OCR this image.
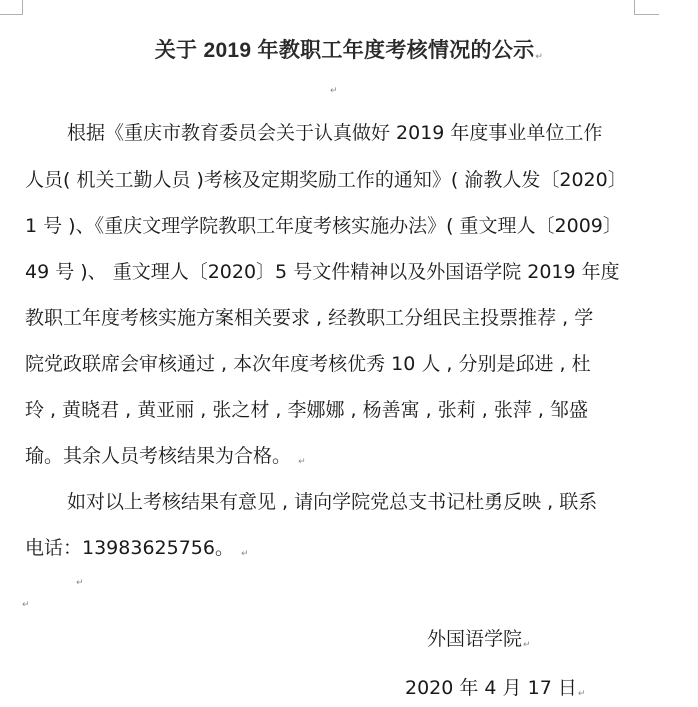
关于 2019 年教职工年度考核情况的公示↵
↵
根据《重庆市教育委员会关于认真做好 2019 年度事业单位工作
人员( 机关工勤人员 )考核及定期奖励工作的通知》( 渝教人发〔2020〕
1 号 )、《重庆文理学院教职工年度考核实施办法》( 重文理人〔2009〕
49 号 )、 重文理人〔2020〕5 号文件精神以及外国语学院 2019 年度
教职工年度考核实施方案相关要求 , 经教职工分组民主投票推荐 , 学
院党政联席会审核通过 , 本次年度考核优秀 10 人 , 分别是邱进 , 杜
玲 , 黄晓君 , 黄亚丽 , 张之材 , 李娜娜 , 杨善寓 , 张莉 , 张萍 , 邹盛
瑜。其余人员考核结果为合格。 ↵
如对以上考核结果有意见 , 请向学院党总支书记杜勇反映 , 联系
电话：13983625756。 ↵
↵
↵
外国语学院↵
2020 年 4 月 17 日↵
